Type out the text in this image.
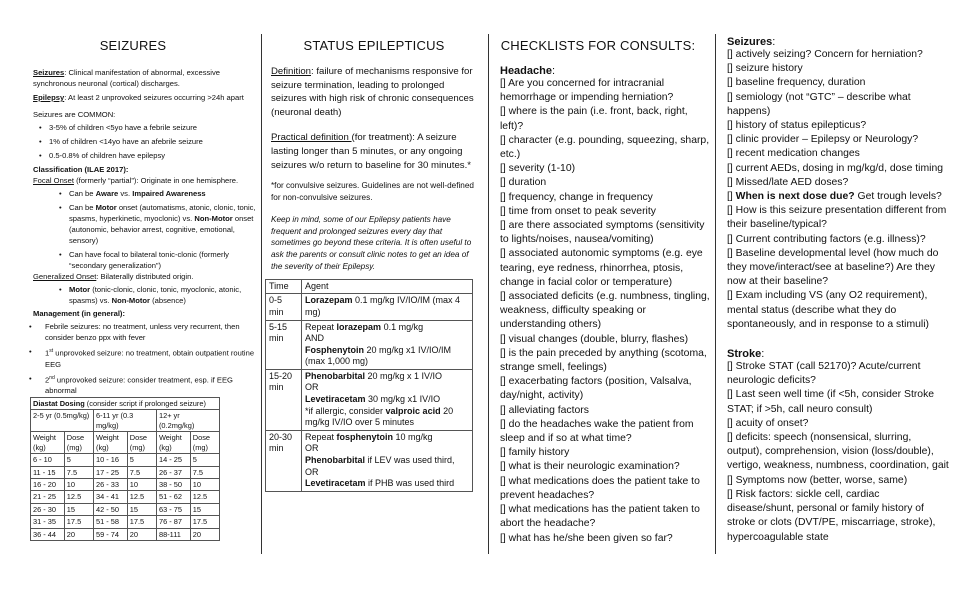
SEIZURES
Seizures: Clinical manifestation of abnormal, excessive synchronous neuronal (cortical) discharges.
Epilepsy: At least 2 unprovoked seizures occurring >24h apart
Seizures are COMMON:
• 3-5% of children <5yo have a febrile seizure
• 1% of children <14yo have an afebrile seizure
• 0.5-0.8% of children have epilepsy
Classification (ILAE 2017):
Focal Onset (formerly “partial”): Originate in one hemisphere.
• Can be Aware vs. Impaired Awareness
• Can be Motor onset (automatisms, atonic, clonic, tonic, spasms, hyperkinetic, myoclonic) vs. Non-Motor onset (autonomic, behavior arrest, cognitive, emotional, sensory)
• Can have focal to bilateral tonic-clonic (formerly “secondary generalization”)
Generalized Onset: Bilaterally distributed origin.
• Motor (tonic-clonic, clonic, tonic, myoclonic, atonic, spasms) vs. Non-Motor (absence)
Management (in general):
• Febrile seizures: no treatment, unless very recurrent, then consider benzo ppx with fever
• 1st unprovoked seizure: no treatment, obtain outpatient routine EEG
• 2nd unprovoked seizure: consider treatment, esp. if EEG abnormal
Diastat Dosing (consider script if prolonged seizure)					
2-5 yr (0.5mg/kg)		6-11 yr (0.3 mg/kg)		12+ yr (0.2mg/kg)	
Weight (kg)	Dose (mg)	Weight (kg)	Dose (mg)	Weight (kg)	Dose (mg)
6 - 10	5	10 - 16	5	14 - 25	5
11 - 15	7.5	17 - 25	7.5	26 - 37	7.5
16 - 20	10	26 - 33	10	38 - 50	10
21 - 25	12.5	34 - 41	12.5	51 - 62	12.5
26 - 30	15	42 - 50	15	63 - 75	15
31 - 35	17.5	51 - 58	17.5	76 - 87	17.5
36 - 44	20	59 - 74	20	88-111	20
STATUS EPILEPTICUS
Definition: failure of mechanisms responsive for seizure termination, leading to prolonged seizures with high risk of chronic consequences (neuronal death)
Practical definition (for treatment): A seizure lasting longer than 5 minutes, or any ongoing seizures w/o return to baseline for 30 minutes.*
*for convulsive seizures. Guidelines are not well-defined for non-convulsive seizures.
Keep in mind, some of our Epilepsy patients have frequent and prolonged seizures every day that sometimes go beyond these criteria. It is often useful to ask the parents or consult clinic notes to get an idea of the severity of their Epilepsy.
Time	Agent
0-5 min	Lorazepam 0.1 mg/kg IV/IO/IM (max 4 mg)
5-15 min	Repeat lorazepam 0.1 mg/kg
AND
Fosphenytoin 20 mg/kg x1 IV/IO/IM (max 1,000 mg)
15-20 min	Phenobarbital 20 mg/kg x 1 IV/IO
OR
Levetiracetam 30 mg/kg x1 IV/IO
*if allergic, consider valproic acid 20 mg/kg IV/IO over 5 minutes
20-30 min	Repeat fosphenytoin 10 mg/kg
OR
Phenobarbital if LEV was used third,
OR
Levetiracetam if PHB was used third
CHECKLISTS FOR CONSULTS:
Headache:
[] Are you concerned for intracranial hemorrhage or impending herniation?
[] where is the pain (i.e. front, back, right, left)?
[] character (e.g. pounding, squeezing, sharp, etc.)
[] severity (1-10)
[] duration
[] frequency, change in frequency
[] time from onset to peak severity
[] are there associated symptoms (sensitivity to lights/noises, nausea/vomiting)
[] associated autonomic symptoms (e.g. eye tearing, eye redness, rhinorrhea, ptosis, change in facial color or temperature)
[] associated deficits (e.g. numbness, tingling, weakness, difficulty speaking or understanding others)
[] visual changes (double, blurry, flashes)
[] is the pain preceded by anything (scotoma, strange smell, feelings)
[] exacerbating factors (position, Valsalva, day/night, activity)
[] alleviating factors
[] do the headaches wake the patient from sleep and if so at what time?
[] family history
[] what is their neurologic examination?
[] what medications does the patient take to prevent headaches?
[] what medications has the patient taken to abort the headache?
[] what has he/she been given so far?
Seizures:
[] actively seizing? Concern for herniation?
[] seizure history
[] baseline frequency, duration
[] semiology (not “GTC” – describe what happens)
[] history of status epilepticus?
[] clinic provider – Epilepsy or Neurology?
[] recent medication changes
[] current AEDs, dosing in mg/kg/d, dose timing
[] Missed/late AED doses?
[] When is next dose due? Get trough levels?
[] How is this seizure presentation different from their baseline/typical?
[] Current contributing factors (e.g. illness)?
[] Baseline developmental level (how much do they move/interact/see at baseline?) Are they now at their baseline?
[] Exam including VS (any O2 requirement), mental status (describe what they do spontaneously, and in response to a stimuli)
Stroke:
[] Stroke STAT (call 52170)? Acute/current neurologic deficits?
[] Last seen well time (if <5h, consider Stroke STAT; if >5h, call neuro consult)
[] acuity of onset?
[] deficits: speech (nonsensical, slurring, output), comprehension, vision (loss/double), vertigo, weakness, numbness, coordination, gait
[] Symptoms now (better, worse, same)
[] Risk factors: sickle cell, cardiac disease/shunt, personal or family history of stroke or clots (DVT/PE, miscarriage, stroke), hypercoagulable state
